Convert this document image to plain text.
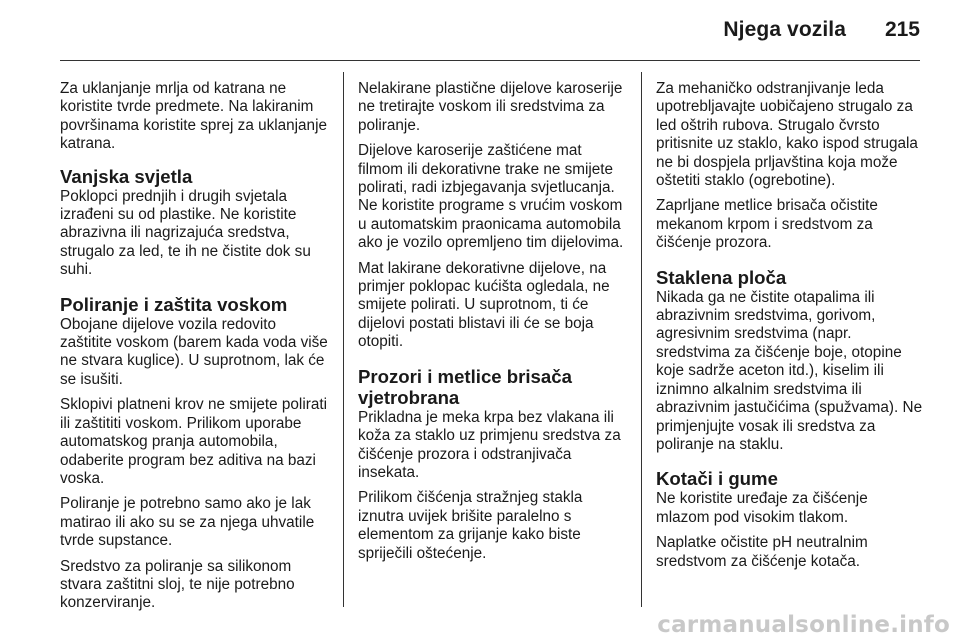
Njega vozila	215

Za uklanjanje mrlja od katrana ne koristite tvrde predmete. Na lakiranim površinama koristite sprej za uklanjanje katrana.

Vanjska svjetla

Poklopci prednjih i drugih svjetala izrađeni su od plastike. Ne koristite abrazivna ili nagrizajuća sredstva, strugalo za led, te ih ne čistite dok su suhi.

Poliranje i zaštita voskom

Obojane dijelove vozila redovito zaštitite voskom (barem kada voda više ne stvara kuglice). U suprotnom, lak će se isušiti.

Sklopivi platneni krov ne smijete polirati ili zaštititi voskom. Prilikom uporabe automatskog pranja automobila, odaberite program bez aditiva na bazi voska.

Poliranje je potrebno samo ako je lak matirao ili ako su se za njega uhvatile tvrde supstance.

Sredstvo za poliranje sa silikonom stvara zaštitni sloj, te nije potrebno konzerviranje.

Nelakirane plastične dijelove karoserije ne tretirajte voskom ili sredstvima za poliranje.

Dijelove karoserije zaštićene mat filmom ili dekorativne trake ne smijete polirati, radi izbjegavanja svjetlucanja. Ne koristite programe s vrućim voskom u automatskim praonicama automobila ako je vozilo opremljeno tim dijelovima.

Mat lakirane dekorativne dijelove, na primjer poklopac kućišta ogledala, ne smijete polirati. U suprotnom, ti će dijelovi postati blistavi ili će se boja otopiti.

Prozori i metlice brisača vjetrobrana

Prikladna je meka krpa bez vlakana ili koža za staklo uz primjenu sredstva za čišćenje prozora i odstranjivača insekata.

Prilikom čišćenja stražnjeg stakla iznutra uvijek brišite paralelno s elementom za grijanje kako biste spriječili oštećenje.

Za mehaničko odstranjivanje leda upotrebljavajte uobičajeno strugalo za led oštrih rubova. Strugalo čvrsto pritisnite uz staklo, kako ispod strugala ne bi dospjela prljavština koja može oštetiti staklo (ogrebotine).

Zaprljane metlice brisača očistite mekanom krpom i sredstvom za čišćenje prozora.

Staklena ploča

Nikada ga ne čistite otapalima ili abrazivnim sredstvima, gorivom, agresivnim sredstvima (napr. sredstvima za čišćenje boje, otopine koje sadrže aceton itd.), kiselim ili iznimno alkalnim sredstvima ili abrazivnim jastučićima (spužvama). Ne primjenjujte vosak ili sredstva za poliranje na staklu.

Kotači i gume

Ne koristite uređaje za čišćenje mlazom pod visokim tlakom.

Naplatke očistite pH neutralnim sredstvom za čišćenje kotača.

carmanualsonline.info
